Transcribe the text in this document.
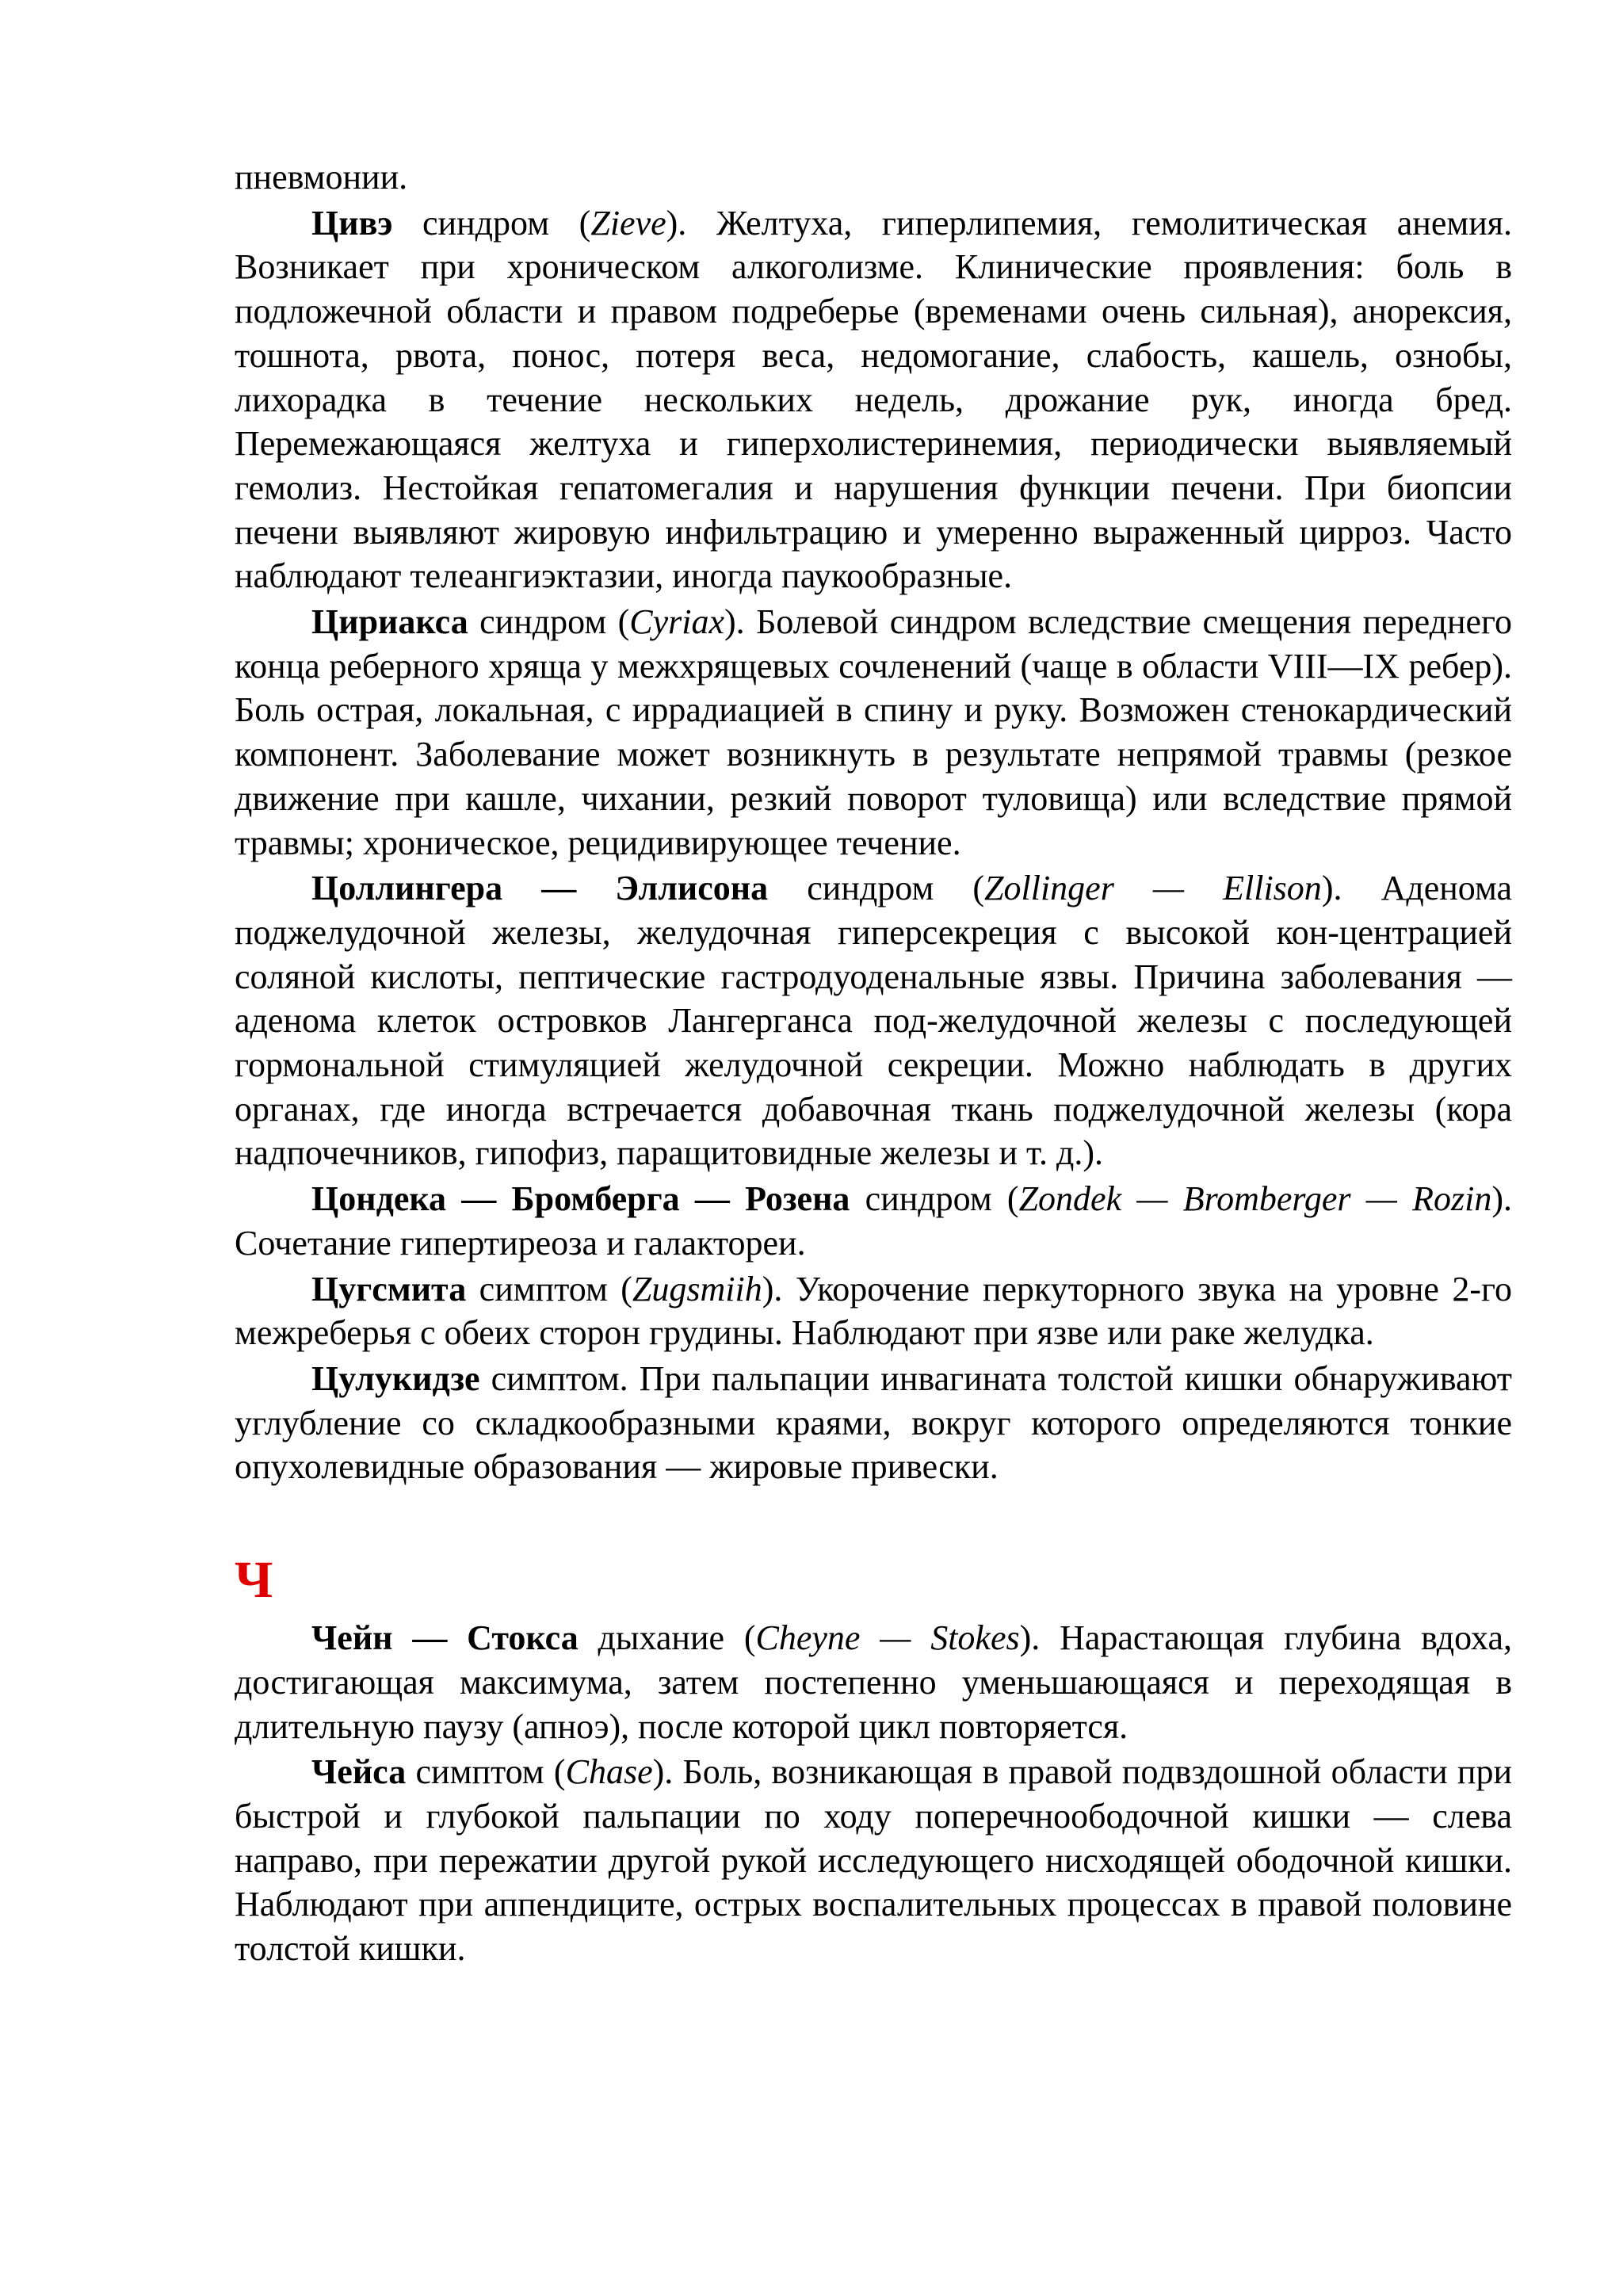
пневмонии.

Цивэ синдром (Zieve). Желтуха, гиперлипемия, гемолитическая анемия. Возникает при хроническом алкоголизме. Клинические проявления: боль в подложечной области и правом подреберье (временами очень сильная), анорексия, тошнота, рвота, понос, потеря веса, недомогание, слабость, кашель, ознобы, лихорадка в течение нескольких недель, дрожание рук, иногда бред. Перемежающаяся желтуха и гиперхолистеринемия, периодически выявляемый гемолиз. Нестойкая гепатомегалия и нарушения функции печени. При биопсии печени выявляют жировую инфильтрацию и умеренно выраженный цирроз. Часто наблюдают телеангиэктазии, иногда паукообразные.

Цириакса синдром (Cyriax). Болевой синдром вследствие смещения переднего конца реберного хряща у межхрящевых сочленений (чаще в области VIII—IX ребер). Боль острая, локальная, с иррадиацией в спину и руку. Возможен стенокардический компонент. Заболевание может возникнуть в результате непрямой травмы (резкое движение при кашле, чихании, резкий поворот туловища) или вследствие прямой травмы; хроническое, рецидивирующее течение.

Цоллингера — Эллисона синдром (Zollinger — Ellison). Аденома поджелудочной железы, желудочная гиперсекреция с высокой кон-центрацией соляной кислоты, пептические гастродуоденальные язвы. Причина заболевания — аденома клеток островков Лангерганса под-желудочной железы с последующей гормональной стимуляцией желудочной секреции. Можно наблюдать в других органах, где иногда встречается добавочная ткань поджелудочной железы (кора надпочечников, гипофиз, паращитовидные железы и т. д.).

Цондека — Бромберга — Розена синдром (Zondek — Bromberger — Rozin). Сочетание гипертиреоза и галактореи.

Цугсмита симптом (Zugsmiih). Укорочение перкуторного звука на уровне 2-го межреберья с обеих сторон грудины. Наблюдают при язве или раке желудка.

Цулукидзе симптом. При пальпации инвагината толстой кишки обнаруживают углубление со складкообразными краями, вокруг которого определяются тонкие опухолевидные образования — жировые привески.

Ч

Чейн — Стокса дыхание (Cheyne — Stokes). Нарастающая глубина вдоха, достигающая максимума, затем постепенно уменьшающаяся и переходящая в длительную паузу (апноэ), после которой цикл повторяется.

Чейса симптом (Chase). Боль, возникающая в правой подвздошной области при быстрой и глубокой пальпации по ходу поперечноободочной кишки — слева направо, при пережатии другой рукой исследующего нисходящей ободочной кишки. Наблюдают при аппендиците, острых воспалительных процессах в правой половине толстой кишки.
